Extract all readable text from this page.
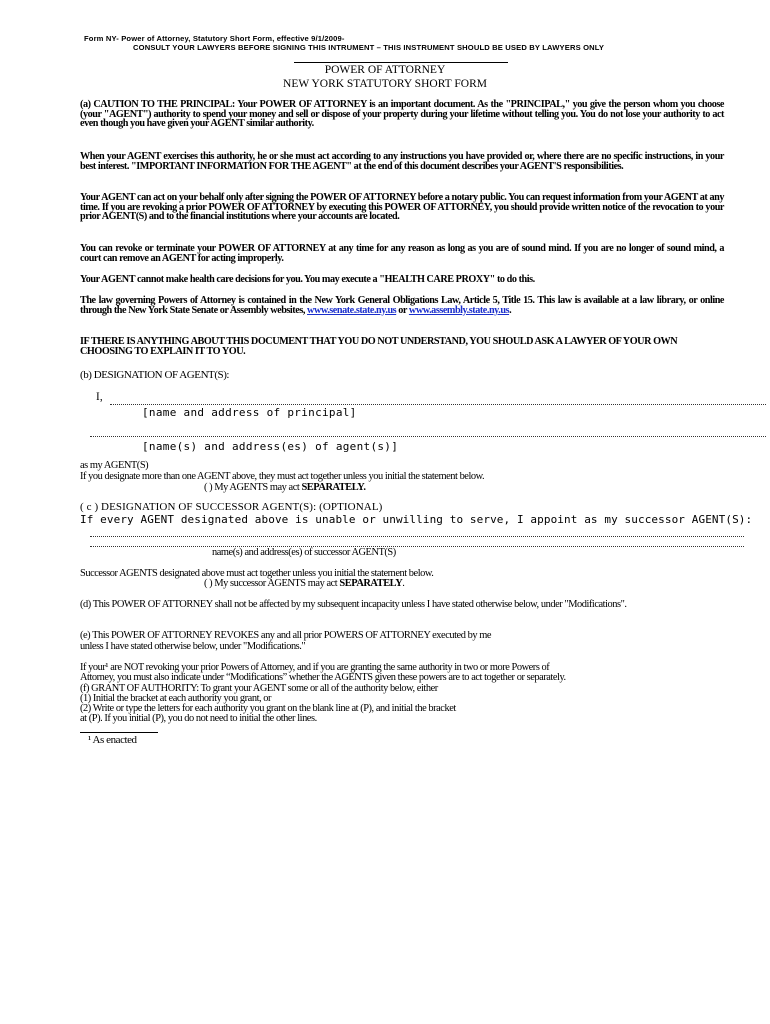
Form NY- Power of Attorney, Statutory Short Form, effective 9/1/2009-
CONSULT YOUR LAWYERS BEFORE SIGNING THIS INTRUMENT – THIS INSTRUMENT SHOULD BE USED BY LAWYERS ONLY
POWER OF ATTORNEY
NEW YORK STATUTORY SHORT FORM
(a) CAUTION TO THE PRINCIPAL: Your POWER OF ATTORNEY is an important document. As the "PRINCIPAL," you give the person whom you choose (your "AGENT") authority to spend your money and sell or dispose of your property during your lifetime without telling you. You do not lose your authority to act even though you have given your AGENT similar authority.
When your AGENT exercises this authority, he or she must act according to any instructions you have provided or, where there are no specific instructions, in your best interest. "IMPORTANT INFORMATION FOR THE AGENT" at the end of this document describes your AGENT'S responsibilities.
Your AGENT can act on your behalf only after signing the POWER OF ATTORNEY before a notary public. You can request information from your AGENT at any time. If you are revoking a prior POWER OF ATTORNEY by executing this POWER OF ATTORNEY, you should provide written notice of the revocation to your prior AGENT(S) and to the financial institutions where your accounts are located.
You can revoke or terminate your POWER OF ATTORNEY at any time for any reason as long as you are of sound mind. If you are no longer of sound mind, a court can remove an AGENT for acting improperly.
Your AGENT cannot make health care decisions for you. You may execute a "HEALTH CARE PROXY" to do this.
The law governing Powers of Attorney is contained in the New York General Obligations Law, Article 5, Title 15. This law is available at a law library, or online through the New York State Senate or Assembly websites, www.senate.state.ny.us or www.assembly.state.ny.us.
IF THERE IS ANYTHING ABOUT THIS DOCUMENT THAT YOU DO NOT UNDERSTAND, YOU SHOULD ASK A LAWYER OF YOUR OWN CHOOSING TO EXPLAIN IT TO YOU.
(b) DESIGNATION OF AGENT(S):
I,
[name and address of principal]
[name(s) and address(es) of agent(s)]
as my AGENT(S)
If you designate more than one AGENT above, they must act together unless you initial the statement below.
( ) My AGENTS may act SEPARATELY.
( c ) DESIGNATION OF SUCCESSOR AGENT(S): (OPTIONAL)
If every AGENT designated above is unable or unwilling to serve, I appoint as my successor AGENT(S):
name(s) and address(es) of successor AGENT(S)
Successor AGENTS designated above must act together unless you initial the statement below.
( ) My successor AGENTS may act SEPARATELY.
(d) This POWER OF ATTORNEY shall not be affected by my subsequent incapacity unless I have stated otherwise below, under "Modifications".
(e) This POWER OF ATTORNEY REVOKES any and all prior POWERS OF ATTORNEY executed by me
unless I have stated otherwise below, under "Modifications."
If your¹ are NOT revoking your prior Powers of Attorney, and if you are granting the same authority in two or more Powers of
Attorney, you must also indicate under “Modifications” whether the AGENTS given these powers are to act together or separately.
(f) GRANT OF AUTHORITY: To grant your AGENT some or all of the authority below, either
(1) Initial the bracket at each authority you grant, or
(2) Write or type the letters for each authority you grant on the blank line at (P), and initial the bracket
at (P). If you initial (P), you do not need to initial the other lines.
¹ As enacted
